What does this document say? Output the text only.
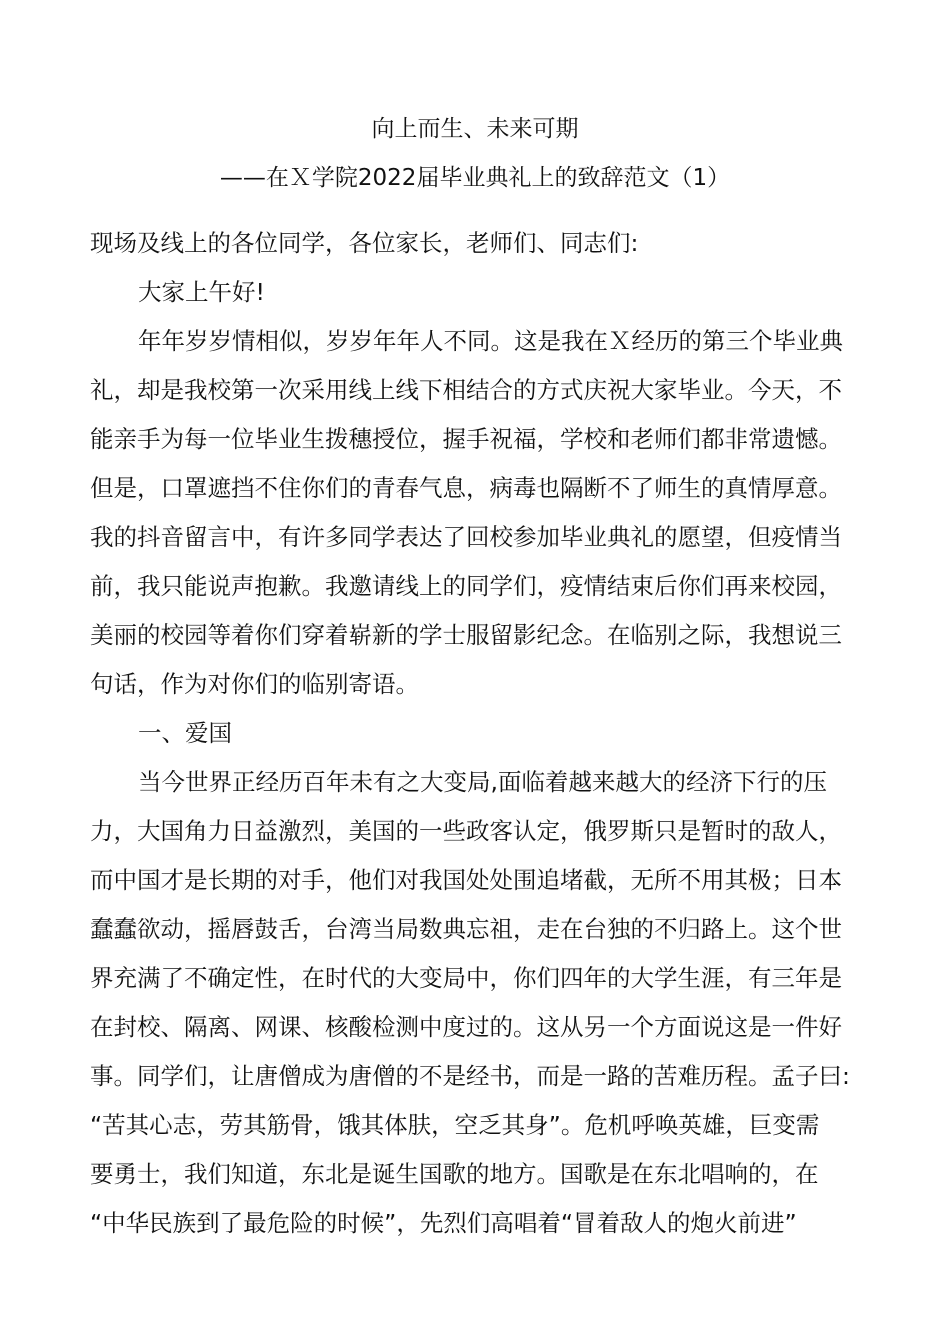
向上而生、未来可期
——在Ｘ学院2022届毕业典礼上的致辞范文（1）
现场及线上的各位同学，各位家长，老师们、同志们:
大家上午好!
年年岁岁情相似，岁岁年年人不同。这是我在Ｘ经历的第三个毕业典
礼，却是我校第一次采用线上线下相结合的方式庆祝大家毕业。今天，不
能亲手为每一位毕业生拨穗授位，握手祝福，学校和老师们都非常遗憾。
但是，口罩遮挡不住你们的青春气息，病毒也隔断不了师生的真情厚意。
我的抖音留言中，有许多同学表达了回校参加毕业典礼的愿望，但疫情当
前，我只能说声抱歉。我邀请线上的同学们，疫情结束后你们再来校园，
美丽的校园等着你们穿着崭新的学士服留影纪念。在临别之际，我想说三
句话，作为对你们的临别寄语。
一、爱国
当今世界正经历百年未有之大变局,面临着越来越大的经济下行的压
力，大国角力日益激烈，美国的一些政客认定，俄罗斯只是暂时的敌人，
而中国才是长期的对手，他们对我国处处围追堵截，无所不用其极；日本
蠢蠢欲动，摇唇鼓舌，台湾当局数典忘祖，走在台独的不归路上。这个世
界充满了不确定性，在时代的大变局中，你们四年的大学生涯，有三年是
在封校、隔离、网课、核酸检测中度过的。这从另一个方面说这是一件好
事。同学们，让唐僧成为唐僧的不是经书，而是一路的苦难历程。孟子曰:
“苦其心志，劳其筋骨，饿其体肤，空乏其身”。危机呼唤英雄，巨变需
要勇士，我们知道，东北是诞生国歌的地方。国歌是在东北唱响的，在
“中华民族到了最危险的时候”，先烈们高唱着“冒着敌人的炮火前进”
